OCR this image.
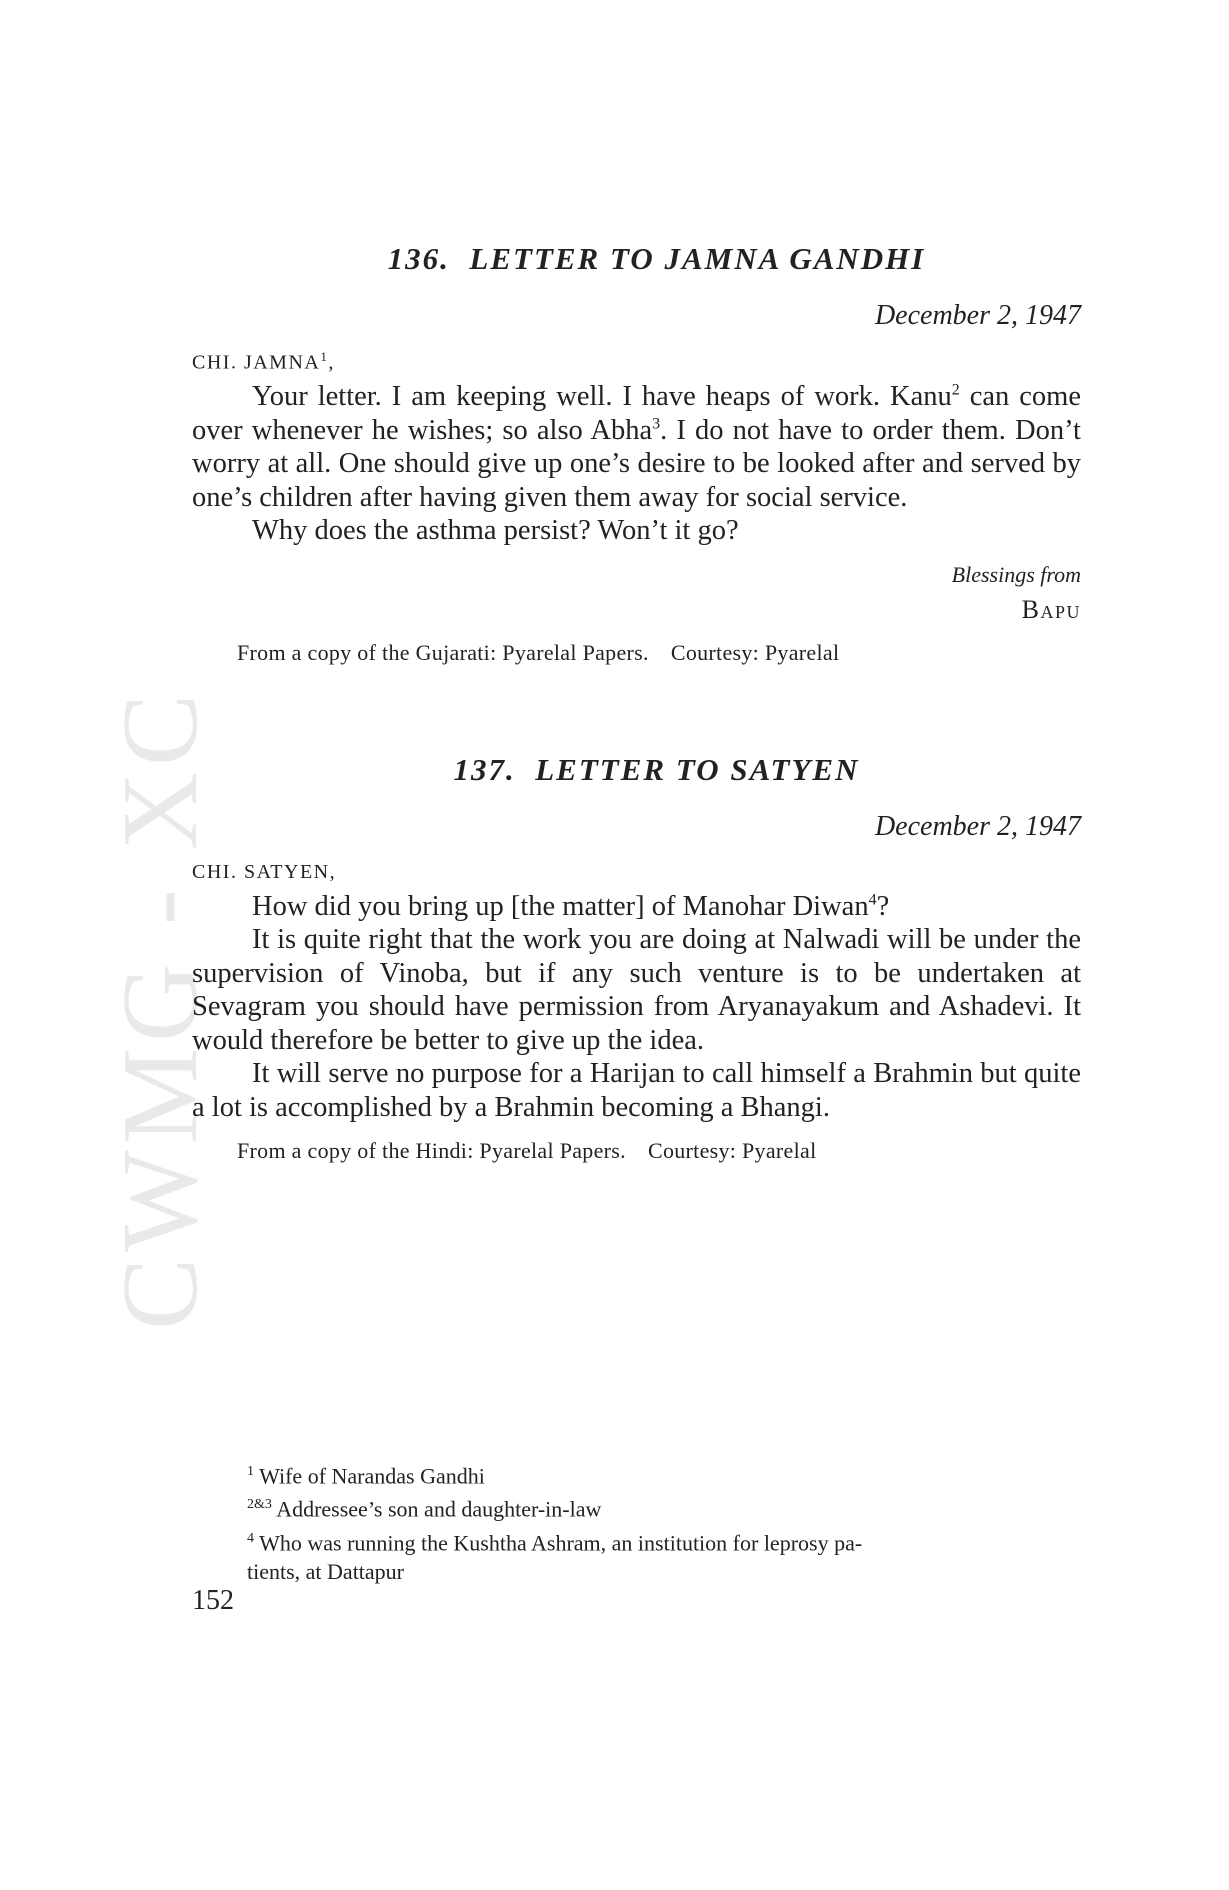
CWMG - XC
136. LETTER TO JAMNA GANDHI
December 2, 1947
CHI. JAMNA$^1$,

Your letter. I am keeping well. I have heaps of work. Kanu$^2$ can come over whenever he wishes; so also Abha$^3$. I do not have to order them. Don’t worry at all. One should give up one’s desire to be looked after and served by one’s children after having given them away for social service.

Why does the asthma persist? Won’t it go?

Blessings from
Bapu
From a copy of the Gujarati: Pyarelal Papers. Courtesy: Pyarelal
137. LETTER TO SATYEN
December 2, 1947
CHI. SATYEN,

How did you bring up [the matter] of Manohar Diwan$^4$?

It is quite right that the work you are doing at Nalwadi will be under the supervision of Vinoba, but if any such venture is to be undertaken at Sevagram you should have permission from Aryanayakum and Ashadevi. It would therefore be better to give up the idea.

It will serve no purpose for a Harijan to call himself a Brahmin but quite a lot is accomplished by a Brahmin becoming a Bhangi.

From a copy of the Hindi: Pyarelal Papers. Courtesy: Pyarelal
$^1$ Wife of Narandas Gandhi
$^{2\&3}$ Addressee’s son and daughter-in-law
$^4$ Who was running the Kushtha Ashram, an institution for leprosy pa-
tients, at Dattapur
152
